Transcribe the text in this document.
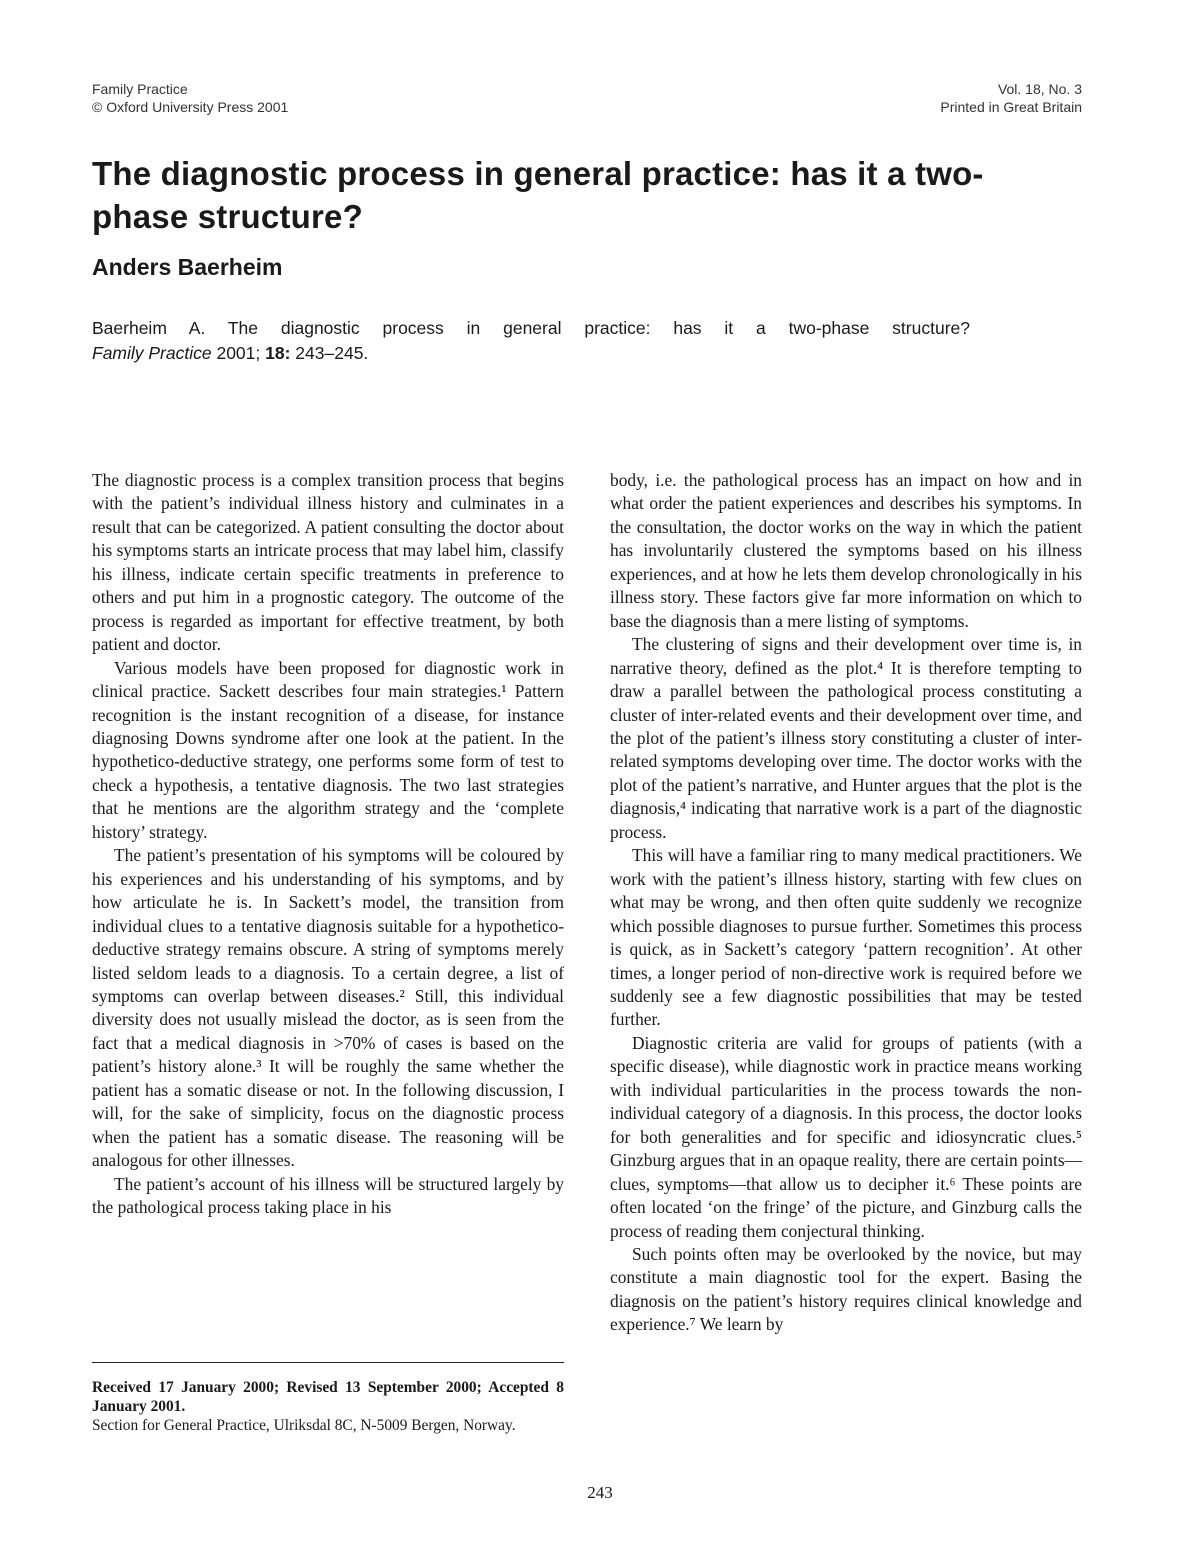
Family Practice
© Oxford University Press 2001
Vol. 18, No. 3
Printed in Great Britain
The diagnostic process in general practice: has it a two-phase structure?
Anders Baerheim
Baerheim A. The diagnostic process in general practice: has it a two-phase structure?
Family Practice 2001; 18: 243–245.

The diagnostic process is a complex transition process that begins with the patient’s individual illness history and culminates in a result that can be categorized. A patient consulting the doctor about his symptoms starts an intricate process that may label him, classify his illness, indicate certain specific treatments in preference to others and put him in a prognostic category. The outcome of the process is regarded as important for effective treatment, by both patient and doctor.

Various models have been proposed for diagnostic work in clinical practice. Sackett describes four main strategies.¹ Pattern recognition is the instant recognition of a disease, for instance diagnosing Downs syndrome after one look at the patient. In the hypothetico-deductive strategy, one performs some form of test to check a hypothesis, a tentative diagnosis. The two last strategies that he mentions are the algorithm strategy and the ‘complete history’ strategy.

The patient’s presentation of his symptoms will be coloured by his experiences and his understanding of his symptoms, and by how articulate he is. In Sackett’s model, the transition from individual clues to a tentative diagnosis suitable for a hypothetico-deductive strategy remains obscure. A string of symptoms merely listed seldom leads to a diagnosis. To a certain degree, a list of symptoms can overlap between diseases.² Still, this individual diversity does not usually mislead the doctor, as is seen from the fact that a medical diagnosis in >70% of cases is based on the patient’s history alone.³ It will be roughly the same whether the patient has a somatic disease or not. In the following discussion, I will, for the sake of simplicity, focus on the diagnostic process when the patient has a somatic disease. The reasoning will be analogous for other illnesses.

The patient’s account of his illness will be structured largely by the pathological process taking place in his

body, i.e. the pathological process has an impact on how and in what order the patient experiences and describes his symptoms. In the consultation, the doctor works on the way in which the patient has involuntarily clustered the symptoms based on his illness experiences, and at how he lets them develop chronologically in his illness story. These factors give far more information on which to base the diagnosis than a mere listing of symptoms.

The clustering of signs and their development over time is, in narrative theory, defined as the plot.⁴ It is therefore tempting to draw a parallel between the pathological process constituting a cluster of inter-related events and their development over time, and the plot of the patient’s illness story constituting a cluster of inter-related symptoms developing over time. The doctor works with the plot of the patient’s narrative, and Hunter argues that the plot is the diagnosis,⁴ indicating that narrative work is a part of the diagnostic process.

This will have a familiar ring to many medical practitioners. We work with the patient’s illness history, starting with few clues on what may be wrong, and then often quite suddenly we recognize which possible diagnoses to pursue further. Sometimes this process is quick, as in Sackett’s category ‘pattern recognition’. At other times, a longer period of non-directive work is required before we suddenly see a few diagnostic possibilities that may be tested further.

Diagnostic criteria are valid for groups of patients (with a specific disease), while diagnostic work in practice means working with individual particularities in the process towards the non-individual category of a diagnosis. In this process, the doctor looks for both generalities and for specific and idiosyncratic clues.⁵ Ginzburg argues that in an opaque reality, there are certain points—clues, symptoms—that allow us to decipher it.⁶ These points are often located ‘on the fringe’ of the picture, and Ginzburg calls the process of reading them conjectural thinking.

Such points often may be overlooked by the novice, but may constitute a main diagnostic tool for the expert. Basing the diagnosis on the patient’s history requires clinical knowledge and experience.⁷ We learn by

Received 17 January 2000; Revised 13 September 2000; Accepted 8 January 2001.

Section for General Practice, Ulriksdal 8C, N-5009 Bergen, Norway.

243
